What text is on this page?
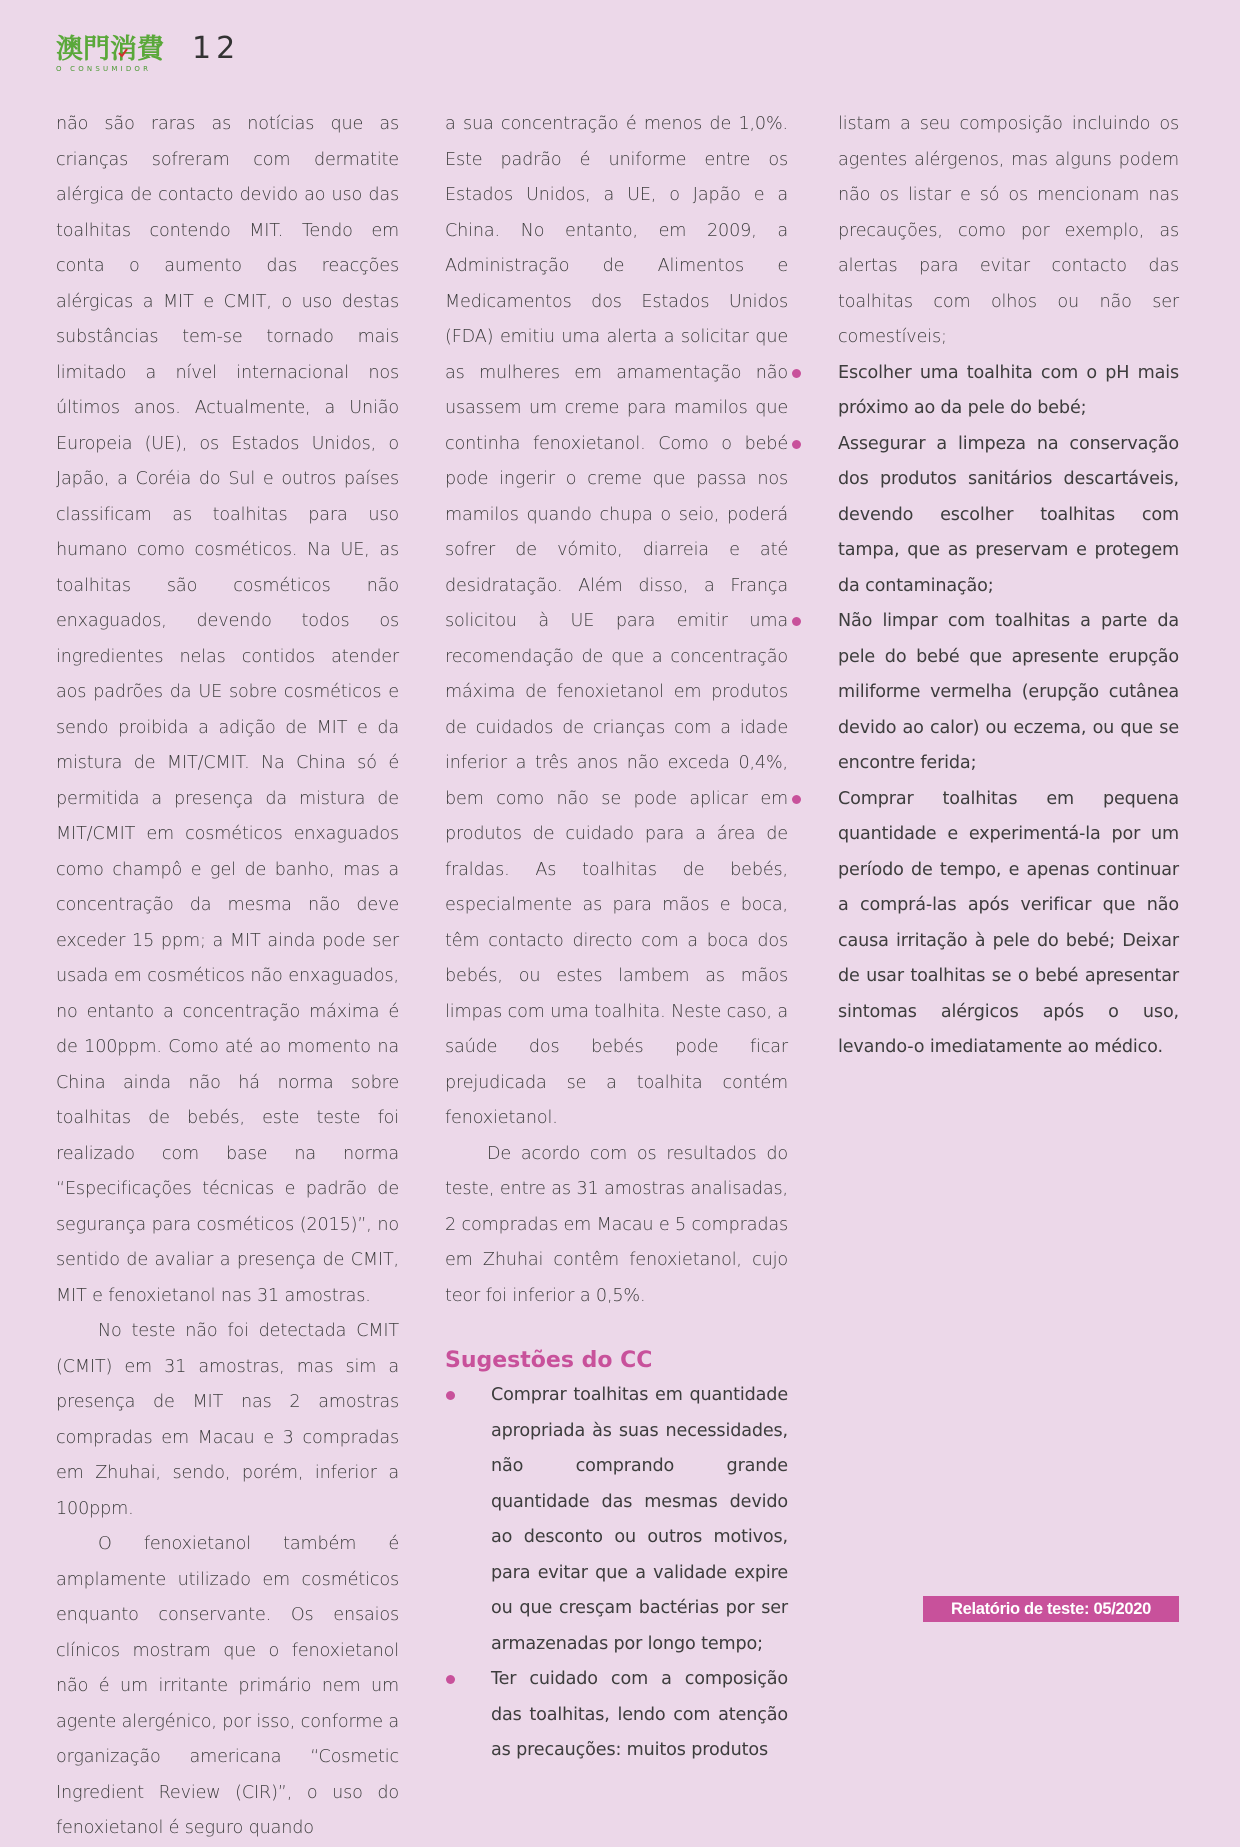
澳門消費
O CONSUMIDOR
12

não são raras as notícias que as crianças sofreram com dermatite alérgica de contacto devido ao uso das toalhitas contendo MIT. Tendo em conta o aumento das reacções alérgicas a MIT e CMIT, o uso destas substâncias tem-se tornado mais limitado a nível internacional nos últimos anos. Actualmente, a União Europeia (UE), os Estados Unidos, o Japão, a Coréia do Sul e outros países classificam as toalhitas para uso humano como cosméticos. Na UE, as toalhitas são cosméticos não enxaguados, devendo todos os ingredientes nelas contidos atender aos padrões da UE sobre cosméticos e sendo proibida a adição de MIT e da mistura de MIT/CMIT. Na China só é permitida a presença da mistura de MIT/CMIT em cosméticos enxaguados como champô e gel de banho, mas a concentração da mesma não deve exceder 15 ppm; a MIT ainda pode ser usada em cosméticos não enxaguados, no entanto a concentração máxima é de 100ppm. Como até ao momento na China ainda não há norma sobre toalhitas de bebés, este teste foi realizado com base na norma “Especificações técnicas e padrão de segurança para cosméticos (2015)”, no sentido de avaliar a presença de CMIT, MIT e fenoxietanol nas 31 amostras.

No teste não foi detectada CMIT (CMIT) em 31 amostras, mas sim a presença de MIT nas 2 amostras compradas em Macau e 3 compradas em Zhuhai, sendo, porém, inferior a 100ppm.

O fenoxietanol também é amplamente utilizado em cosméticos enquanto conservante. Os ensaios clínicos mostram que o fenoxietanol não é um irritante primário nem um agente alergénico, por isso, conforme a organização americana “Cosmetic Ingredient Review (CIR)”, o uso do fenoxietanol é seguro quando

a sua concentração é menos de 1,0%. Este padrão é uniforme entre os Estados Unidos, a UE, o Japão e a China. No entanto, em 2009, a Administração de Alimentos e Medicamentos dos Estados Unidos (FDA) emitiu uma alerta a solicitar que as mulheres em amamentação não usassem um creme para mamilos que continha fenoxietanol. Como o bebé pode ingerir o creme que passa nos mamilos quando chupa o seio, poderá sofrer de vómito, diarreia e até desidratação. Além disso, a França solicitou à UE para emitir uma recomendação de que a concentração máxima de fenoxietanol em produtos de cuidados de crianças com a idade inferior a três anos não exceda 0,4%, bem como não se pode aplicar em produtos de cuidado para a área de fraldas. As toalhitas de bebés, especialmente as para mãos e boca, têm contacto directo com a boca dos bebés, ou estes lambem as mãos limpas com uma toalhita. Neste caso, a saúde dos bebés pode ficar prejudicada se a toalhita contém fenoxietanol.

De acordo com os resultados do teste, entre as 31 amostras analisadas, 2 compradas em Macau e 5 compradas em Zhuhai contêm fenoxietanol, cujo teor foi inferior a 0,5%.

Sugestões do CC
Comprar toalhitas em quantidade apropriada às suas necessidades, não comprando grande quantidade das mesmas devido ao desconto ou outros motivos, para evitar que a validade expire ou que cresçam bactérias por ser armazenadas por longo tempo;
Ter cuidado com a composição das toalhitas, lendo com atenção as precauções: muitos produtos

listam a seu composição incluindo os agentes alérgenos, mas alguns podem não os listar e só os mencionam nas precauções, como por exemplo, as alertas para evitar contacto das toalhitas com olhos ou não ser comestíveis;

Escolher uma toalhita com o pH mais próximo ao da pele do bebé;
Assegurar a limpeza na conservação dos produtos sanitários descartáveis, devendo escolher toalhitas com tampa, que as preservam e protegem da contaminação;
Não limpar com toalhitas a parte da pele do bebé que apresente erupção miliforme vermelha (erupção cutânea devido ao calor) ou eczema, ou que se encontre ferida;
Comprar toalhitas em pequena quantidade e experimentá-la por um período de tempo, e apenas continuar a comprá-las após verificar que não causa irritação à pele do bebé; Deixar de usar toalhitas se o bebé apresentar sintomas alérgicos após o uso, levando-o imediatamente ao médico.
Relatório de teste: 05/2020
